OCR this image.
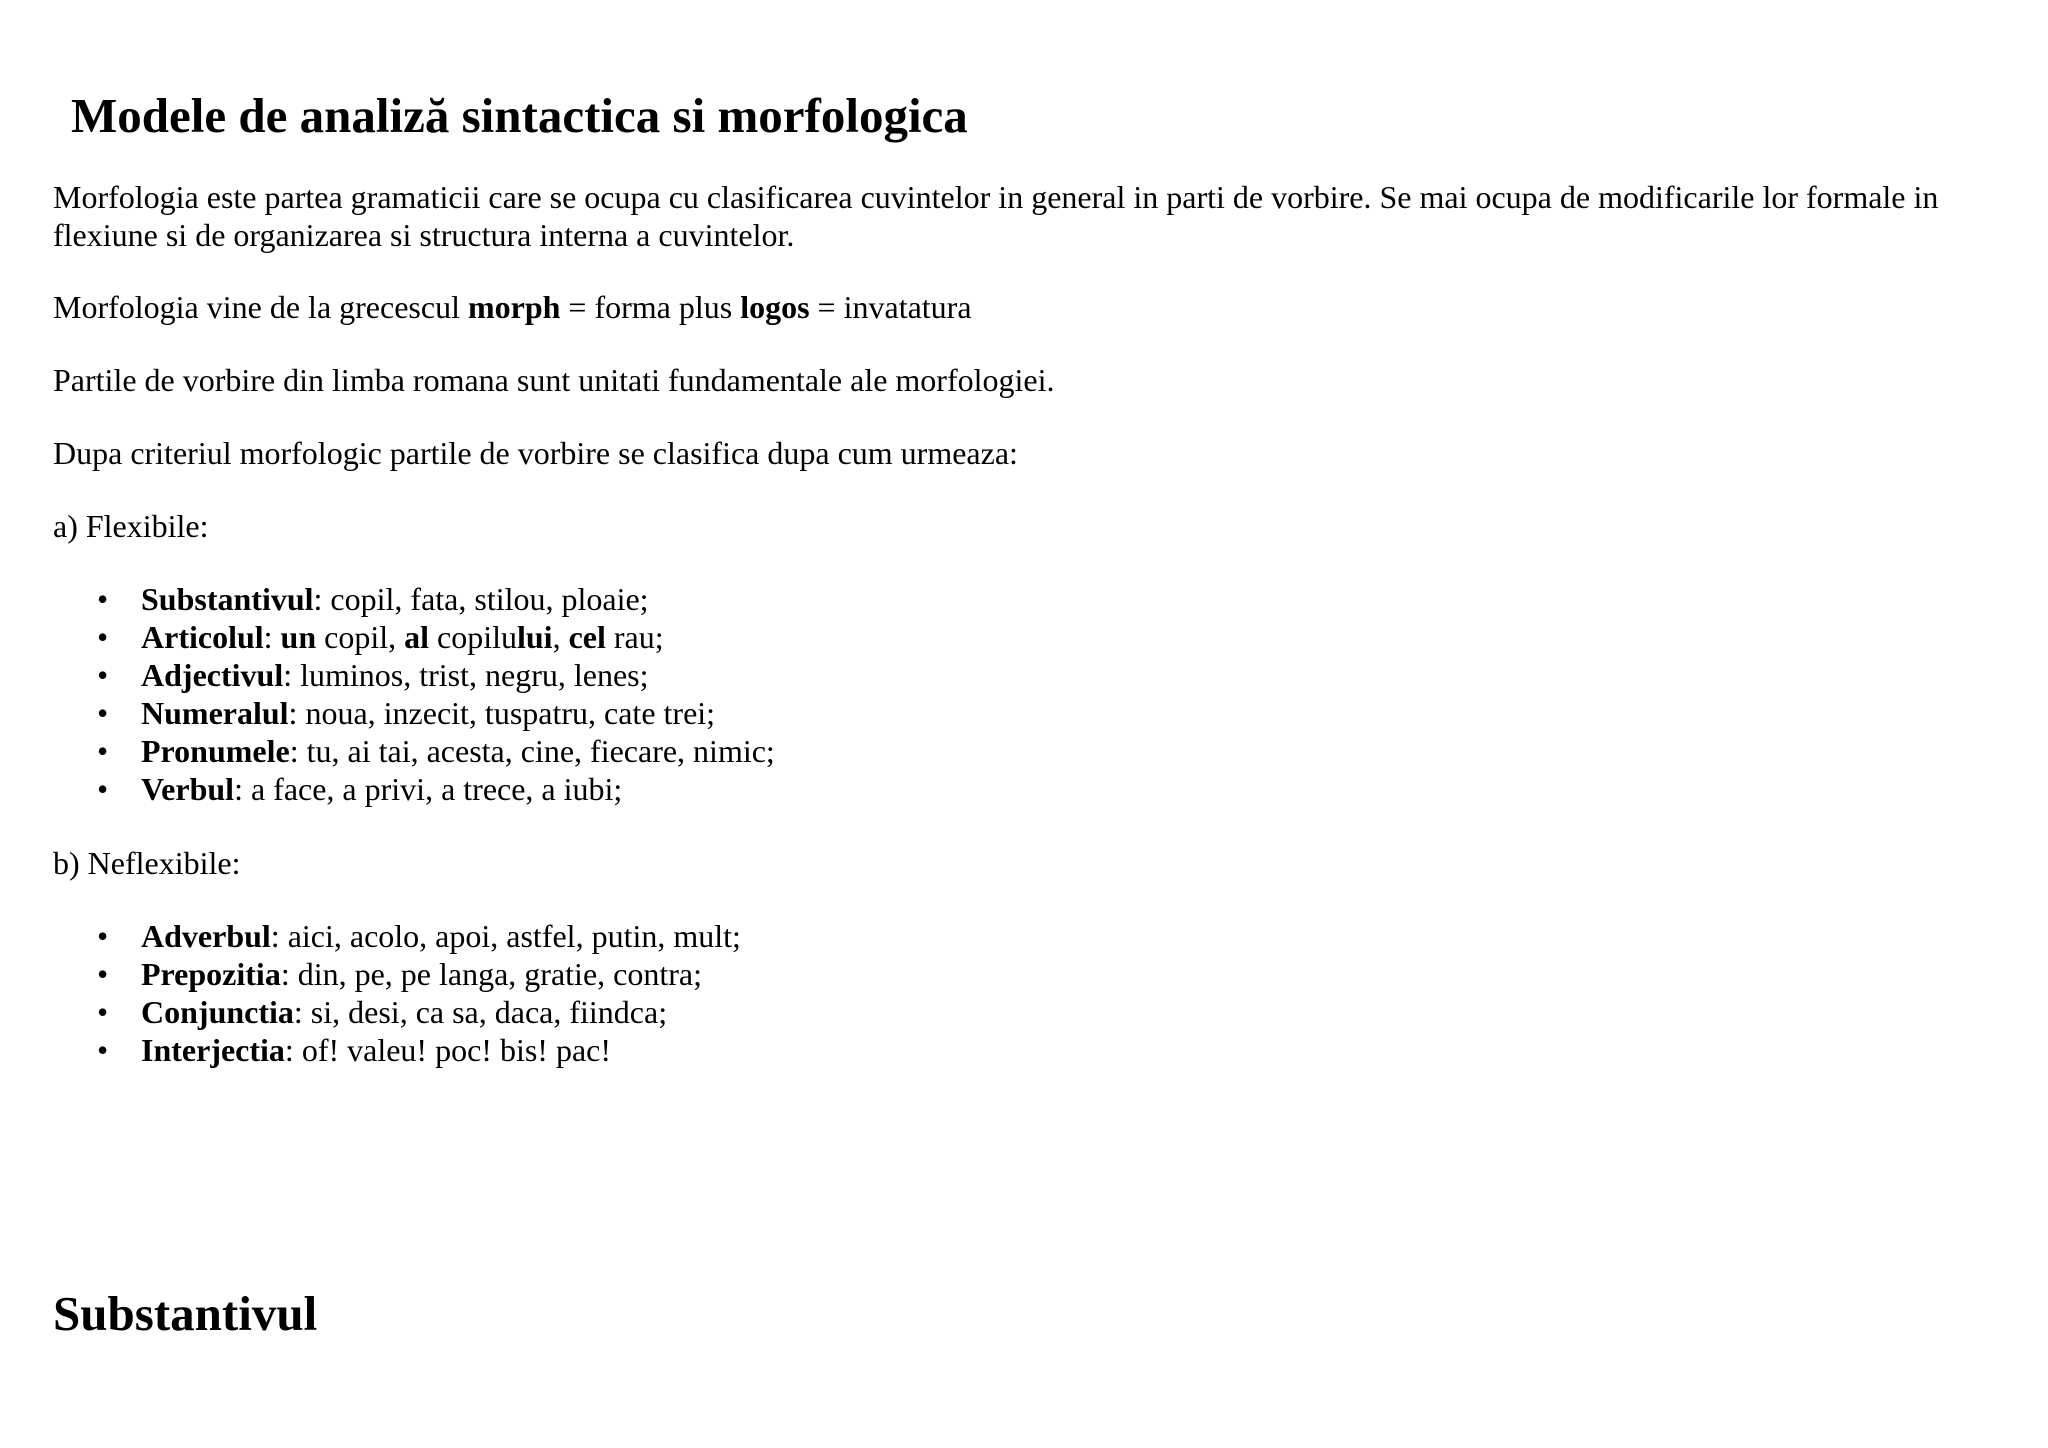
Modele de analiză sintactica si morfologica

Morfologia este partea gramaticii care se ocupa cu clasificarea cuvintelor in general in parti de vorbire. Se mai ocupa de modificarile lor formale in flexiune si de organizarea si structura interna a cuvintelor.

Morfologia vine de la grecescul morph = forma plus logos = invatatura

Partile de vorbire din limba romana sunt unitati fundamentale ale morfologiei.

Dupa criteriul morfologic partile de vorbire se clasifica dupa cum urmeaza:

a) Flexibile:

• Substantivul: copil, fata, stilou, ploaie;
• Articolul: un copil, al copilului, cel rau;
• Adjectivul: luminos, trist, negru, lenes;
• Numeralul: noua, inzecit, tuspatru, cate trei;
• Pronumele: tu, ai tai, acesta, cine, fiecare, nimic;
• Verbul: a face, a privi, a trece, a iubi;

b) Neflexibile:

• Adverbul: aici, acolo, apoi, astfel, putin, mult;
• Prepozitia: din, pe, pe langa, gratie, contra;
• Conjunctia: si, desi, ca sa, daca, fiindca;
• Interjectia: of! valeu! poc! bis! pac!
Substantivul
